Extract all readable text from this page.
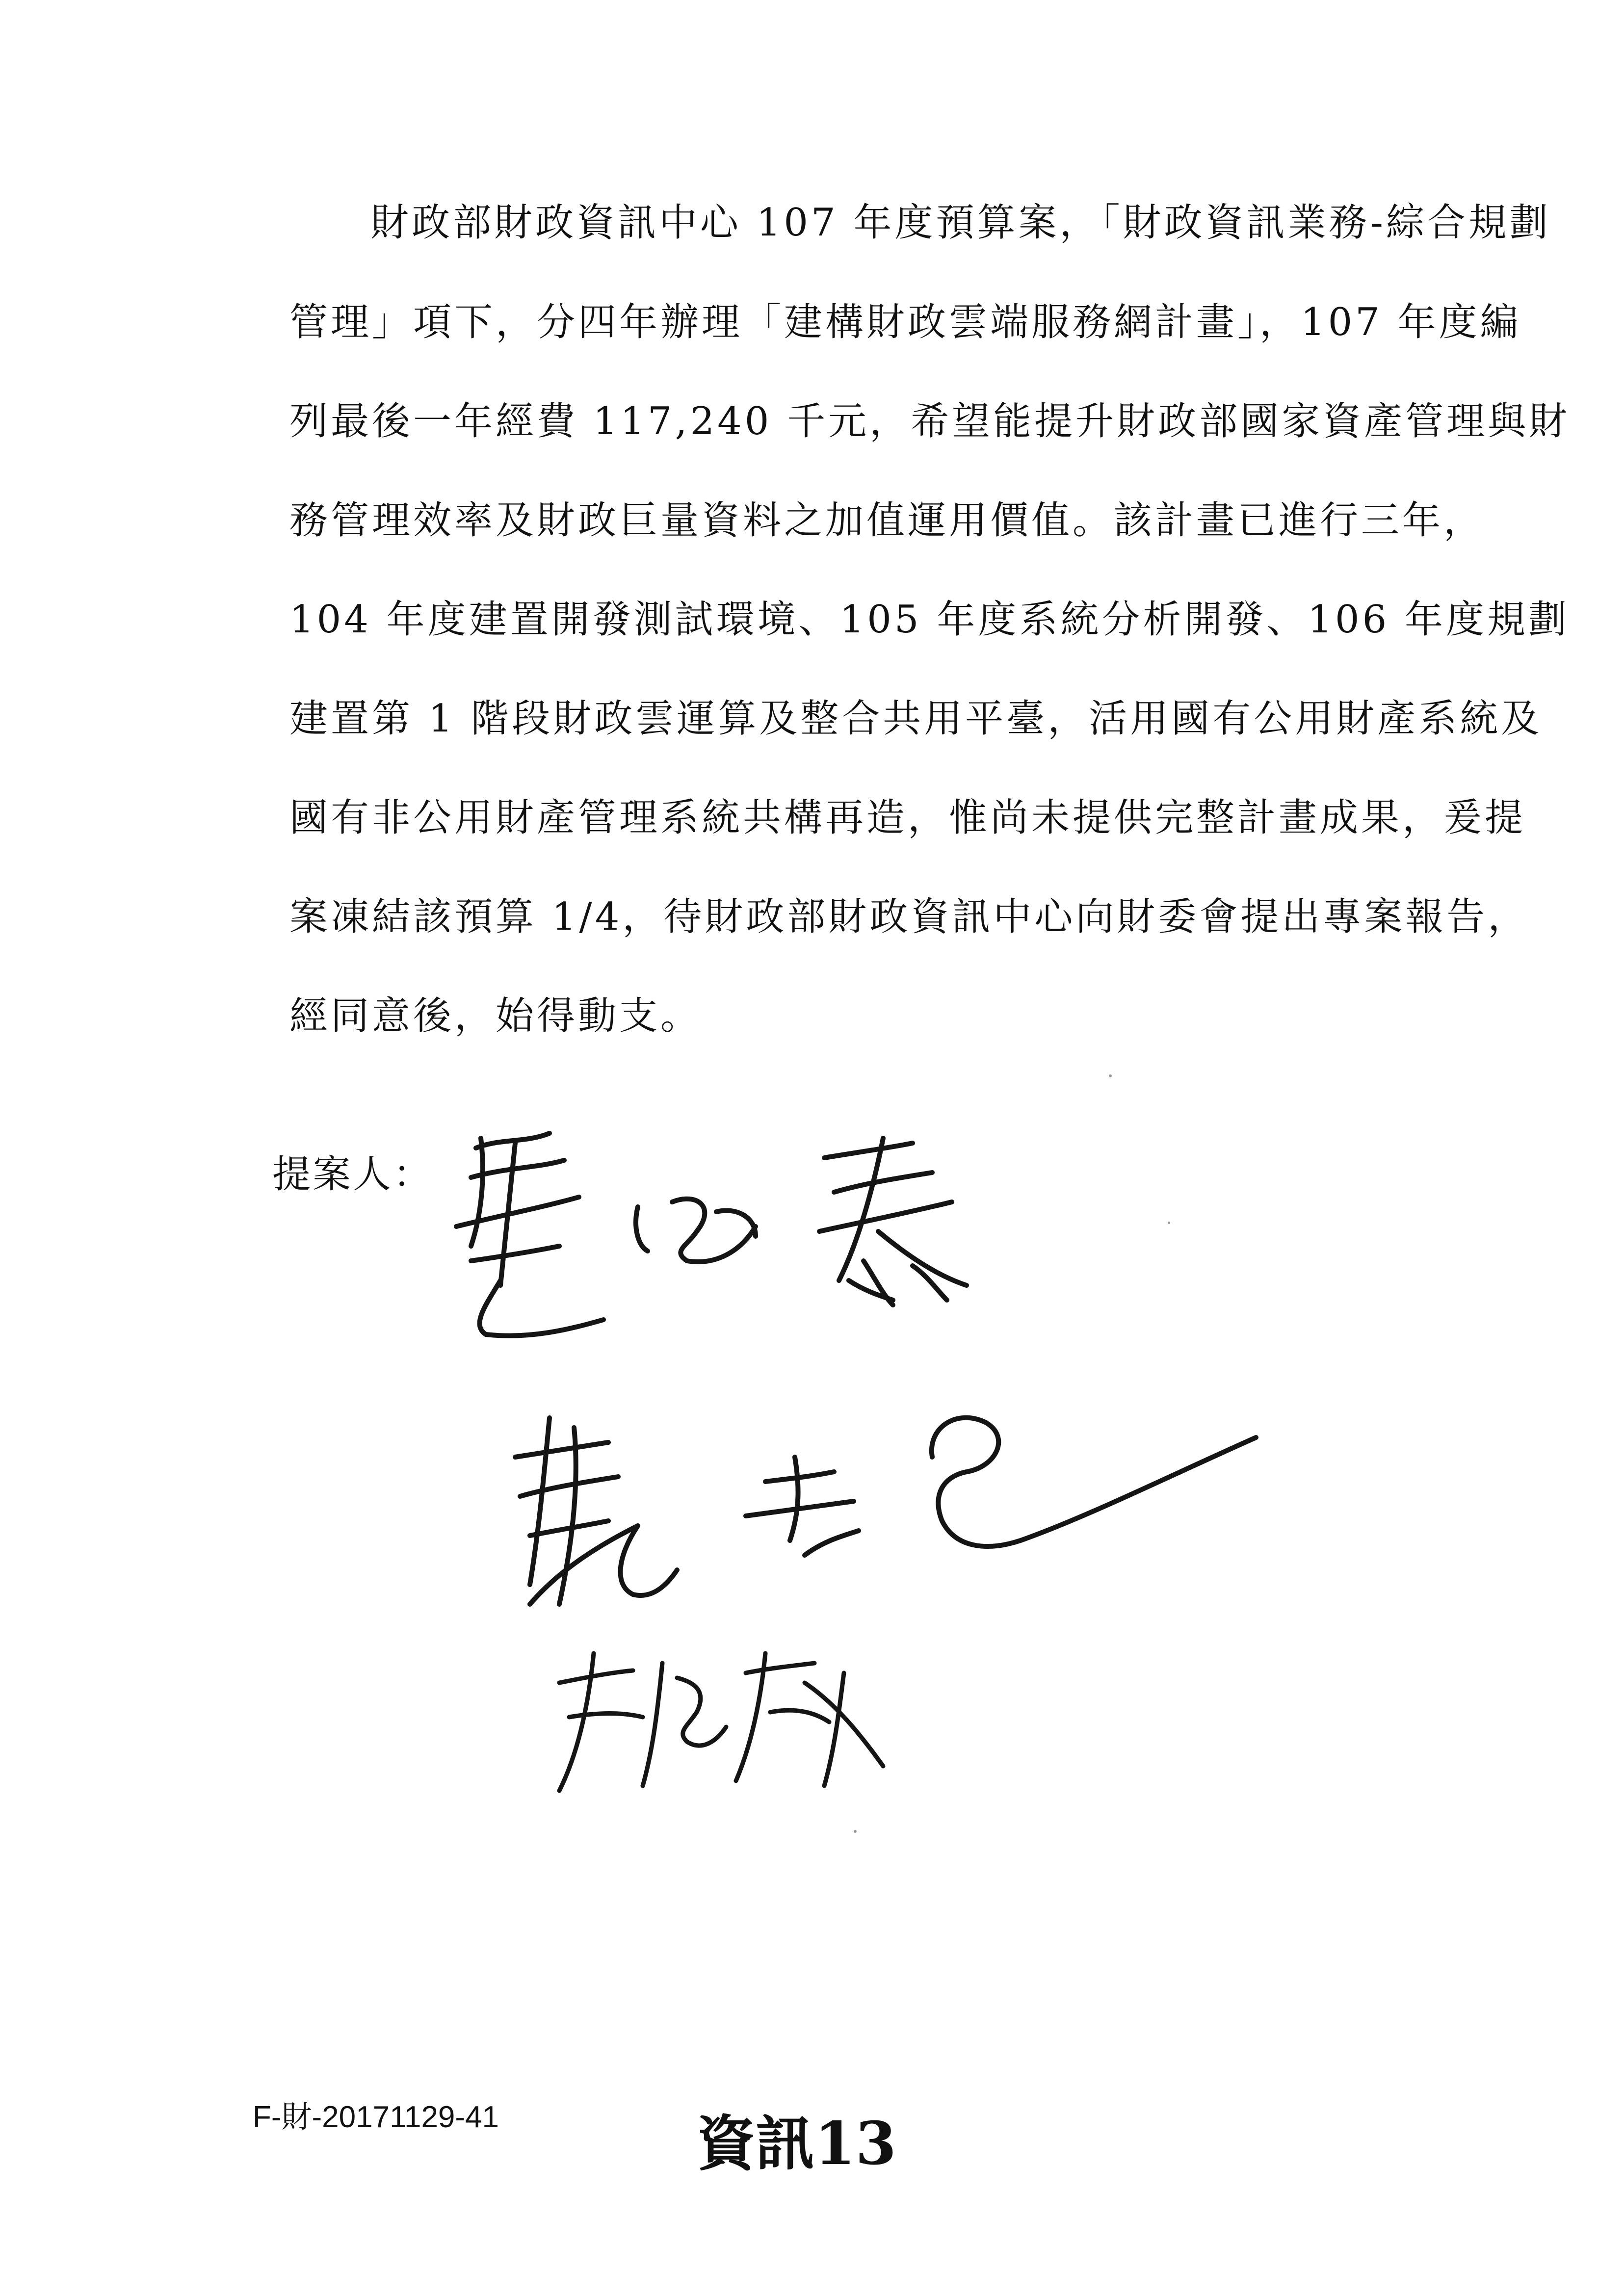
財政部財政資訊中心 107 年度預算案，「財政資訊業務-綜合規劃
管理」項下，分四年辦理「建構財政雲端服務網計畫」，107 年度編
列最後一年經費 117,240 千元，希望能提升財政部國家資產管理與財
務管理效率及財政巨量資料之加值運用價值。該計畫已進行三年，
104 年度建置開發測試環境、105 年度系統分析開發、106 年度規劃
建置第 1 階段財政雲運算及整合共用平臺，活用國有公用財產系統及
國有非公用財產管理系統共構再造，惟尚未提供完整計畫成果，爰提
案凍結該預算 1/4，待財政部財政資訊中心向財委會提出專案報告，
經同意後，始得動支。
提案人：
F-財-20171129-41	資訊13
